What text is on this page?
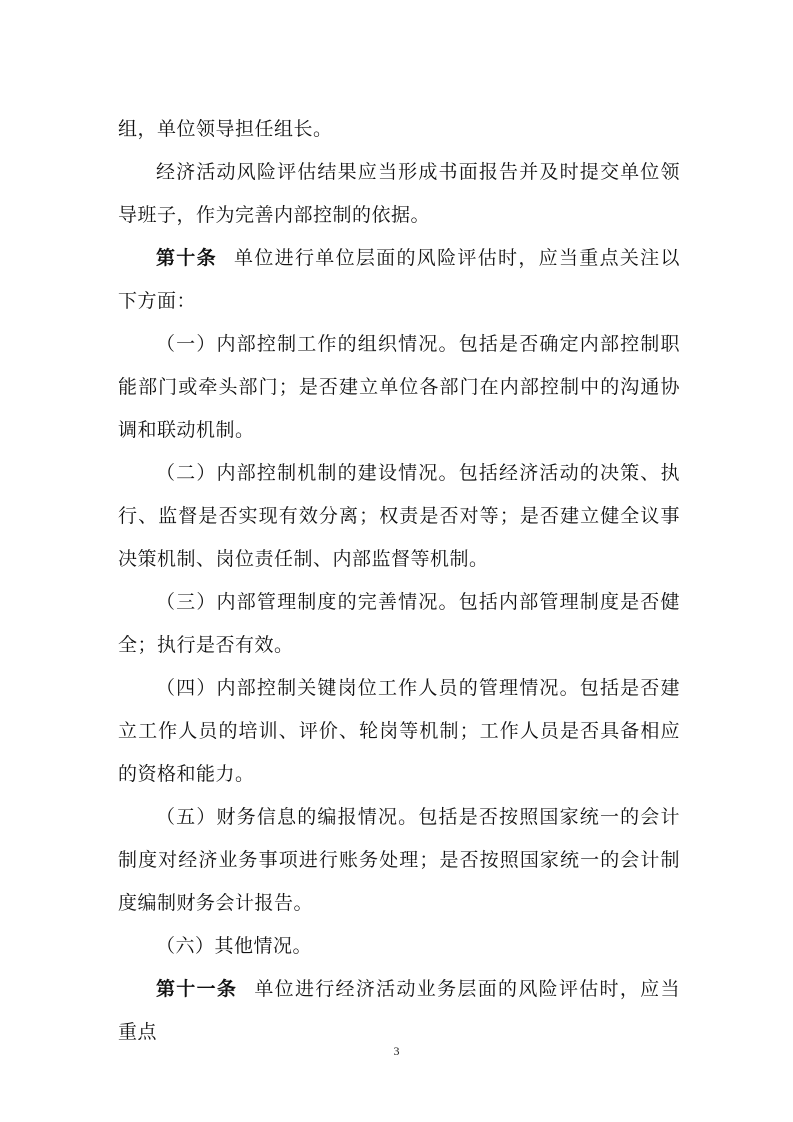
组，单位领导担任组长。

经济活动风险评估结果应当形成书面报告并及时提交单位领导班子，作为完善内部控制的依据。

第十条 单位进行单位层面的风险评估时，应当重点关注以下方面：

（一）内部控制工作的组织情况。包括是否确定内部控制职能部门或牵头部门；是否建立单位各部门在内部控制中的沟通协调和联动机制。

（二）内部控制机制的建设情况。包括经济活动的决策、执行、监督是否实现有效分离；权责是否对等；是否建立健全议事决策机制、岗位责任制、内部监督等机制。

（三）内部管理制度的完善情况。包括内部管理制度是否健全；执行是否有效。

（四）内部控制关键岗位工作人员的管理情况。包括是否建立工作人员的培训、评价、轮岗等机制；工作人员是否具备相应的资格和能力。

（五）财务信息的编报情况。包括是否按照国家统一的会计制度对经济业务事项进行账务处理；是否按照国家统一的会计制度编制财务会计报告。

（六）其他情况。

第十一条 单位进行经济活动业务层面的风险评估时，应当重点

3
